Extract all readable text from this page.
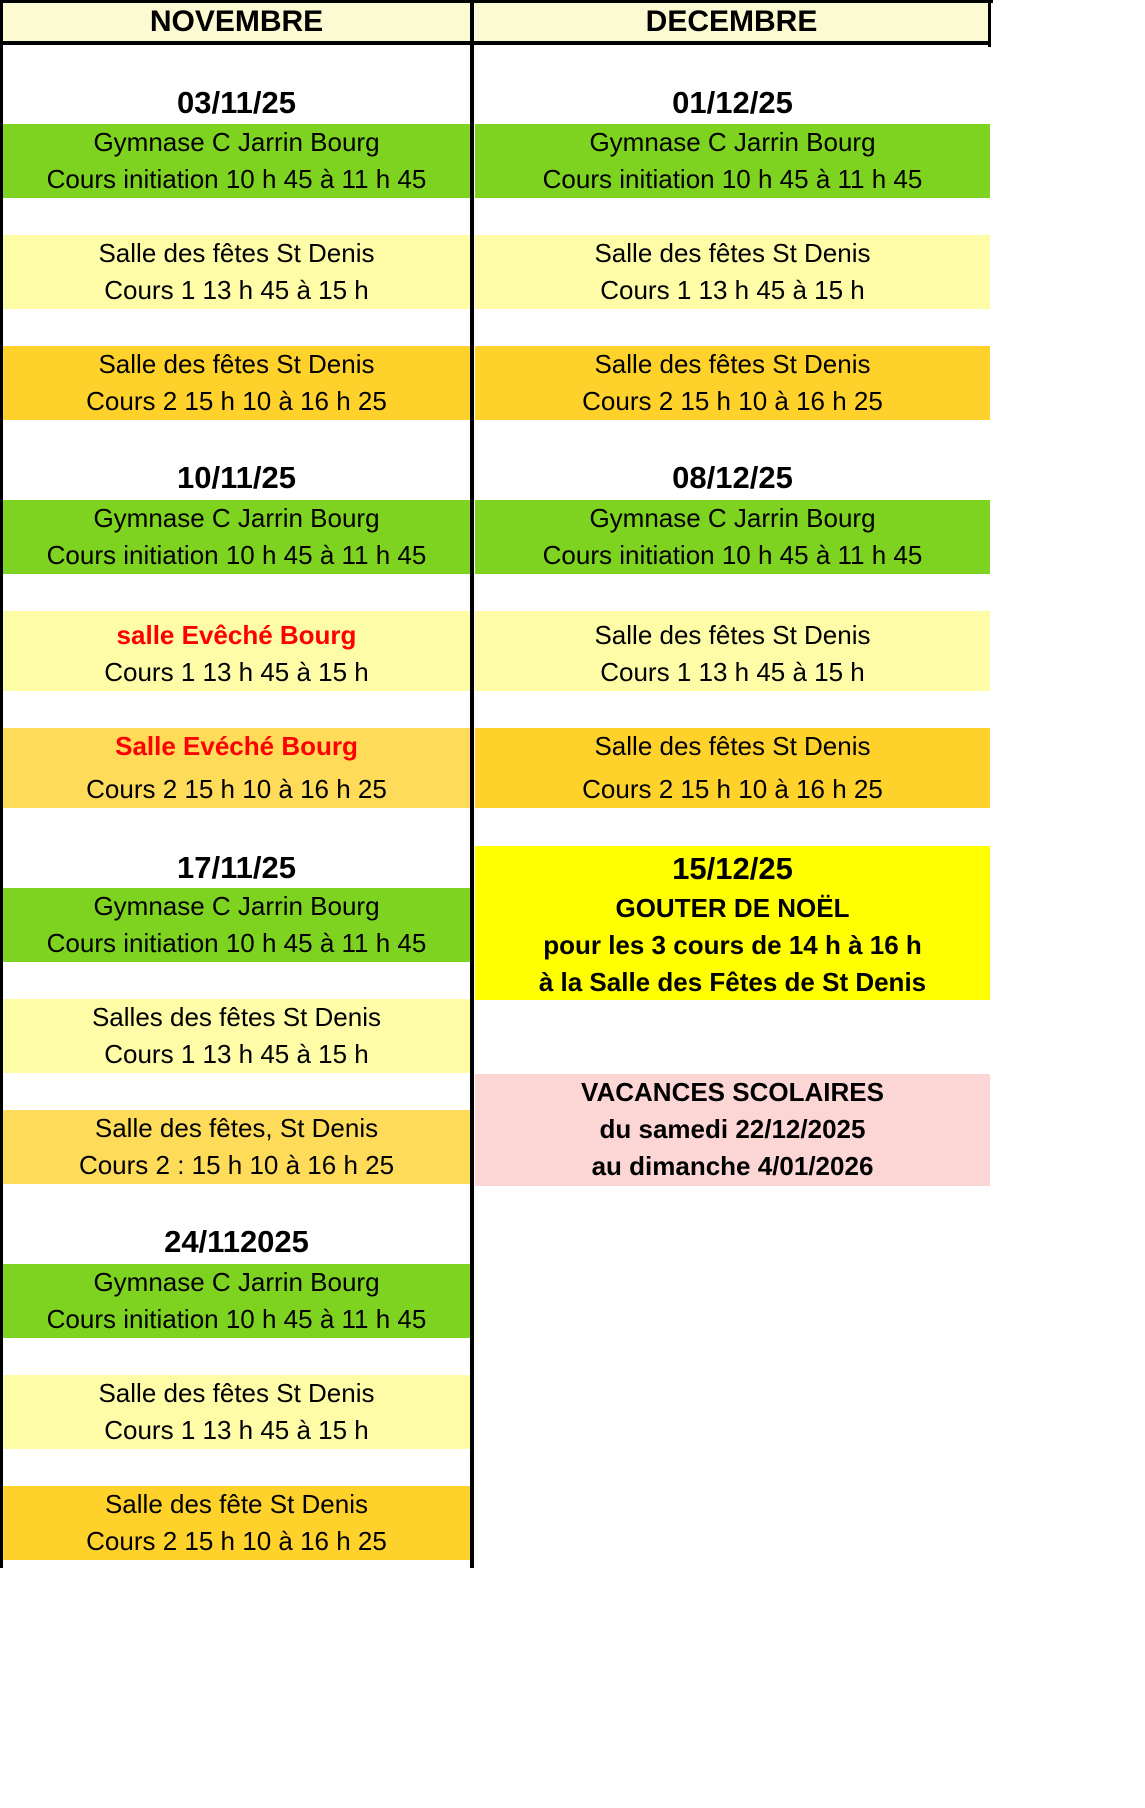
NOVEMBRE	DECEMBRE
03/11/25
Gymnase C Jarrin Bourg
Cours initiation 10 h 45 à 11 h 45
Salle des fêtes St Denis
Cours 1 13 h 45 à 15 h
Salle des fêtes St Denis
Cours 2 15 h 10 à 16 h 25
10/11/25
Gymnase C Jarrin Bourg
Cours initiation 10 h 45 à 11 h 45
salle Evêché Bourg
Cours 1 13 h 45 à 15 h
Salle Evéché Bourg
Cours 2 15 h 10 à 16 h 25
17/11/25
Gymnase C Jarrin Bourg
Cours initiation 10 h 45 à 11 h 45
Salles des fêtes St Denis
Cours 1 13 h 45 à 15 h
Salle des fêtes, St Denis
Cours 2 : 15 h 10 à 16 h 25
24/112025
Gymnase C Jarrin Bourg
Cours initiation 10 h 45 à 11 h 45
Salle des fêtes St Denis
Cours 1 13 h 45 à 15 h
Salle des fête St Denis
Cours 2 15 h 10 à 16 h 25
01/12/25
Gymnase C Jarrin Bourg
Cours initiation 10 h 45 à 11 h 45
Salle des fêtes St Denis
Cours 1 13 h 45 à 15 h
Salle des fêtes St Denis
Cours 2 15 h 10 à 16 h 25
08/12/25
Gymnase C Jarrin Bourg
Cours initiation 10 h 45 à 11 h 45
Salle des fêtes St Denis
Cours 1 13 h 45 à 15 h
Salle des fêtes St Denis
Cours 2 15 h 10 à 16 h 25
15/12/25
GOUTER DE NOËL
pour les 3 cours de 14 h à 16 h
à la Salle des Fêtes de St Denis
VACANCES SCOLAIRES
du samedi 22/12/2025
au dimanche 4/01/2026
